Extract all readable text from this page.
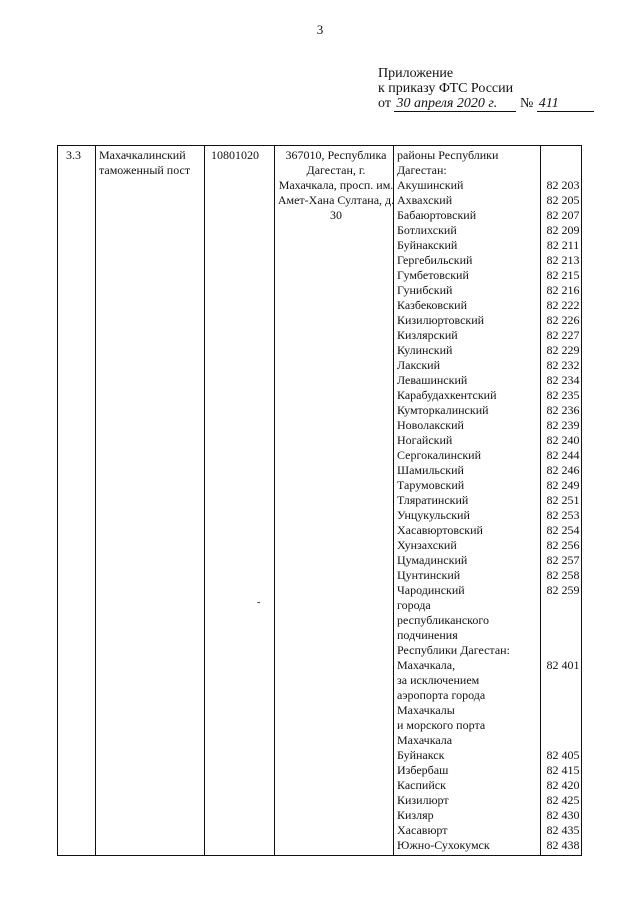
3
Приложение
к приказу ФТС России
от 30 апреля 2020 г. № 411
3.3 Махачкалинский таможенный пост
10801020	367010, Республика Дагестан, г. Махачкала, просп. им. Амет-Хана Султана, д. 30
районы Республики
Дагестан:
Акушинский
Ахвахский
Бабаюртовский
Ботлихский
Буйнакский
Гергебильский
Гумбетовский
Гунибский
Казбековский
Кизилюртовский
Кизлярский
Кулинский
Лакский
Левашинский
Карабудахкентский
Кумторкалинский
Новолакский
Ногайский
Сергокалинский
Шамильский
Тарумовский
Тляратинский
Унцукульский
Хасавюртовский
Хунзахский
Цумадинский
Цунтинский
Чародинский
города
республиканского
подчинения
Республики Дагестан:
Махачкала,
за исключением
аэропорта города
Махачкалы
и морского порта
Махачкала
Буйнакск
Избербаш
Каспийск
Кизилюрт
Кизляр
Хасавюрт
Южно-Сухокумск
82 203
82 205
82 207
82 209
82 211
82 213
82 215
82 216
82 222
82 226
82 227
82 229
82 232
82 234
82 235
82 236
82 239
82 240
82 244
82 246
82 249
82 251
82 253
82 254
82 256
82 257
82 258
82 259
82 401
82 405
82 415
82 420
82 425
82 430
82 435
82 438
-
